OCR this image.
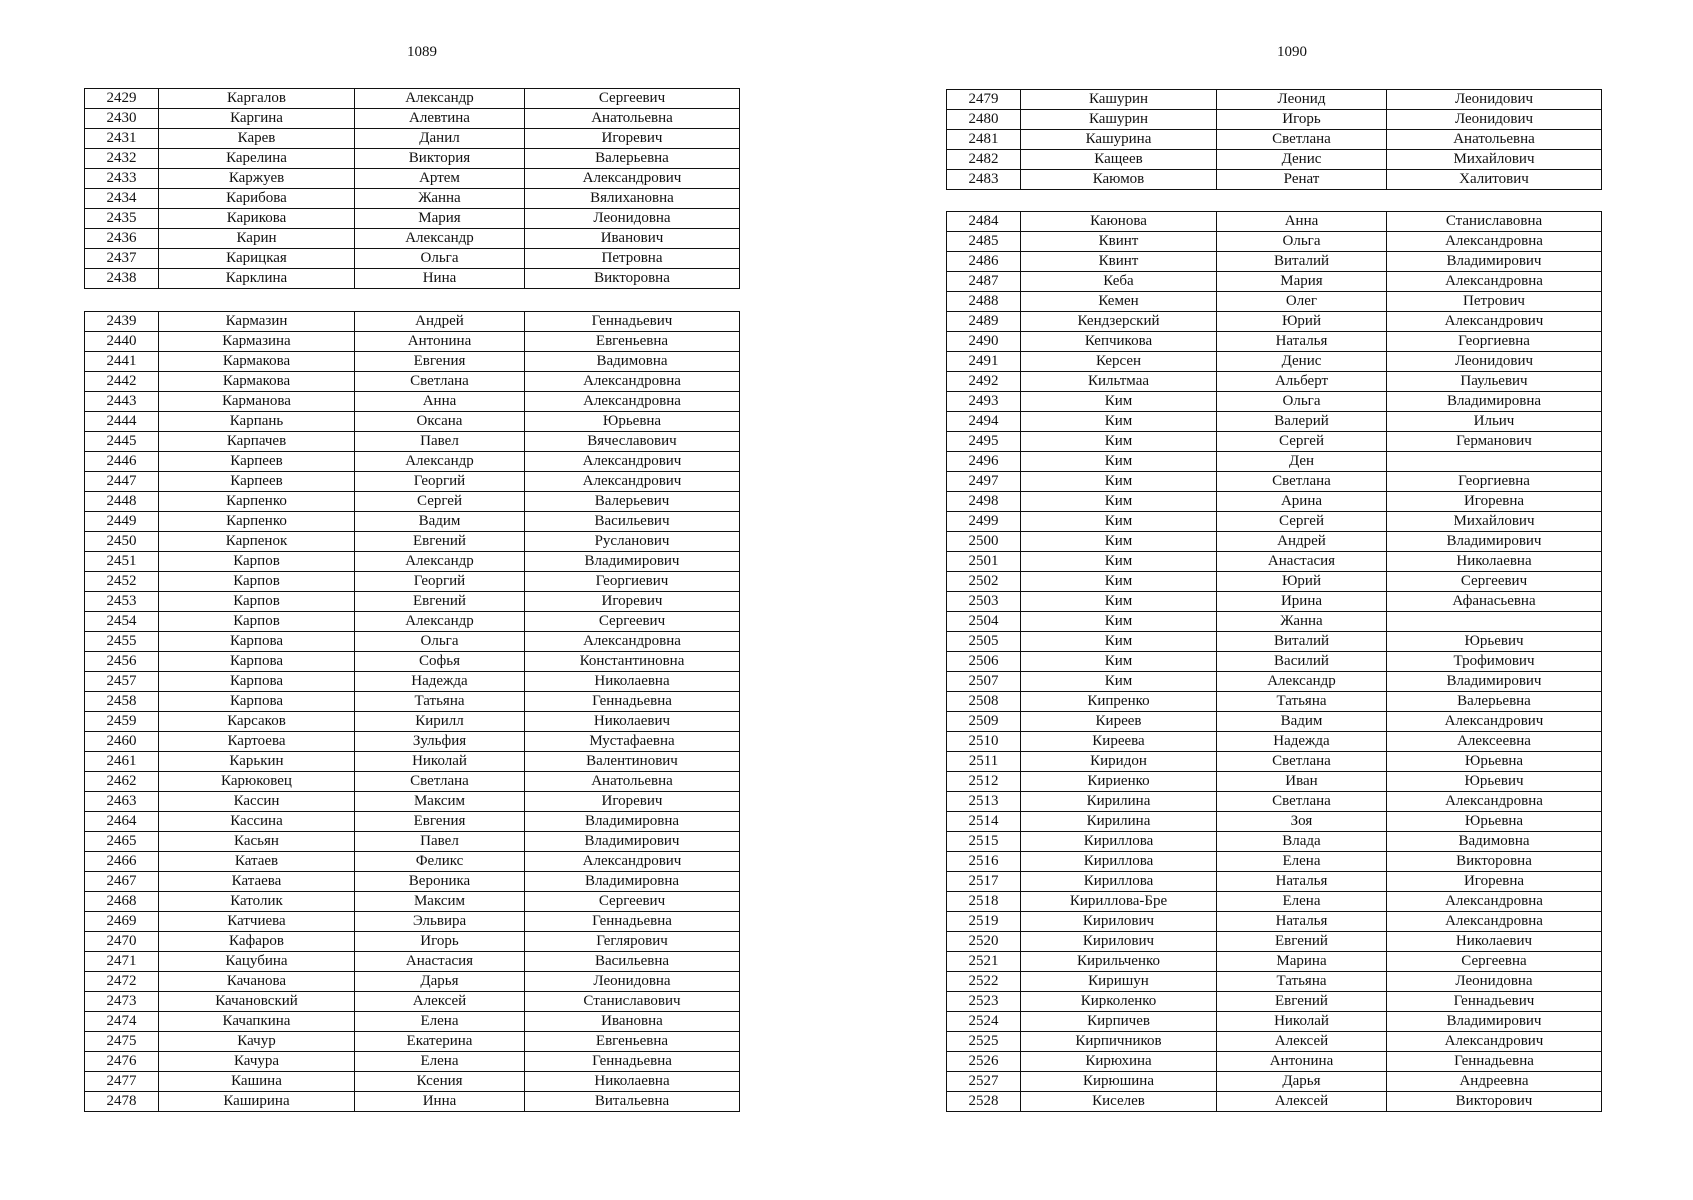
1089	1090
2429	Каргалов	Александр	Сергеевич
2430	Каргина	Алевтина	Анатольевна
2431	Карев	Данил	Игоревич
2432	Карелина	Виктория	Валерьевна
2433	Каржуев	Артем	Александрович
2434	Карибова	Жанна	Вялихановна
2435	Карикова	Мария	Леонидовна
2436	Карин	Александр	Иванович
2437	Карицкая	Ольга	Петровна
2438	Карклина	Нина	Викторовна
2439	Кармазин	Андрей	Геннадьевич
2440	Кармазина	Антонина	Евгеньевна
2441	Кармакова	Евгения	Вадимовна
2442	Кармакова	Светлана	Александровна
2443	Карманова	Анна	Александровна
2444	Карпань	Оксана	Юрьевна
2445	Карпачев	Павел	Вячеславович
2446	Карпеев	Александр	Александрович
2447	Карпеев	Георгий	Александрович
2448	Карпенко	Сергей	Валерьевич
2449	Карпенко	Вадим	Васильевич
2450	Карпенок	Евгений	Русланович
2451	Карпов	Александр	Владимирович
2452	Карпов	Георгий	Георгиевич
2453	Карпов	Евгений	Игоревич
2454	Карпов	Александр	Сергеевич
2455	Карпова	Ольга	Александровна
2456	Карпова	Софья	Константиновна
2457	Карпова	Надежда	Николаевна
2458	Карпова	Татьяна	Геннадьевна
2459	Карсаков	Кирилл	Николаевич
2460	Картоева	Зульфия	Мустафаевна
2461	Карькин	Николай	Валентинович
2462	Карюковец	Светлана	Анатольевна
2463	Кассин	Максим	Игоревич
2464	Кассина	Евгения	Владимировна
2465	Касьян	Павел	Владимирович
2466	Катаев	Феликс	Александрович
2467	Катаева	Вероника	Владимировна
2468	Католик	Максим	Сергеевич
2469	Катчиева	Эльвира	Геннадьевна
2470	Кафаров	Игорь	Геглярович
2471	Кацубина	Анастасия	Васильевна
2472	Качанова	Дарья	Леонидовна
2473	Качановский	Алексей	Станиславович
2474	Качапкина	Елена	Ивановна
2475	Качур	Екатерина	Евгеньевна
2476	Качура	Елена	Геннадьевна
2477	Кашина	Ксения	Николаевна
2478	Каширина	Инна	Витальевна
2479	Кашурин	Леонид	Леонидович
2480	Кашурин	Игорь	Леонидович
2481	Кашурина	Светлана	Анатольевна
2482	Кащеев	Денис	Михайлович
2483	Каюмов	Ренат	Халитович
2484	Каюнова	Анна	Станиславовна
2485	Квинт	Ольга	Александровна
2486	Квинт	Виталий	Владимирович
2487	Кеба	Мария	Александровна
2488	Кемен	Олег	Петрович
2489	Кендзерский	Юрий	Александрович
2490	Кепчикова	Наталья	Георгиевна
2491	Керсен	Денис	Леонидович
2492	Кильтмаа	Альберт	Паульевич
2493	Ким	Ольга	Владимировна
2494	Ким	Валерий	Ильич
2495	Ким	Сергей	Германович
2496	Ким	Ден	
2497	Ким	Светлана	Георгиевна
2498	Ким	Арина	Игоревна
2499	Ким	Сергей	Михайлович
2500	Ким	Андрей	Владимирович
2501	Ким	Анастасия	Николаевна
2502	Ким	Юрий	Сергеевич
2503	Ким	Ирина	Афанасьевна
2504	Ким	Жанна	
2505	Ким	Виталий	Юрьевич
2506	Ким	Василий	Трофимович
2507	Ким	Александр	Владимирович
2508	Кипренко	Татьяна	Валерьевна
2509	Киреев	Вадим	Александрович
2510	Киреева	Надежда	Алексеевна
2511	Киридон	Светлана	Юрьевна
2512	Кириенко	Иван	Юрьевич
2513	Кирилина	Светлана	Александровна
2514	Кирилина	Зоя	Юрьевна
2515	Кириллова	Влада	Вадимовна
2516	Кириллова	Елена	Викторовна
2517	Кириллова	Наталья	Игоревна
2518	Кириллова-Бре	Елена	Александровна
2519	Кирилович	Наталья	Александровна
2520	Кирилович	Евгений	Николаевич
2521	Кирильченко	Марина	Сергеевна
2522	Киришун	Татьяна	Леонидовна
2523	Кирколенко	Евгений	Геннадьевич
2524	Кирпичев	Николай	Владимирович
2525	Кирпичников	Алексей	Александрович
2526	Кирюхина	Антонина	Геннадьевна
2527	Кирюшина	Дарья	Андреевна
2528	Киселев	Алексей	Викторович
